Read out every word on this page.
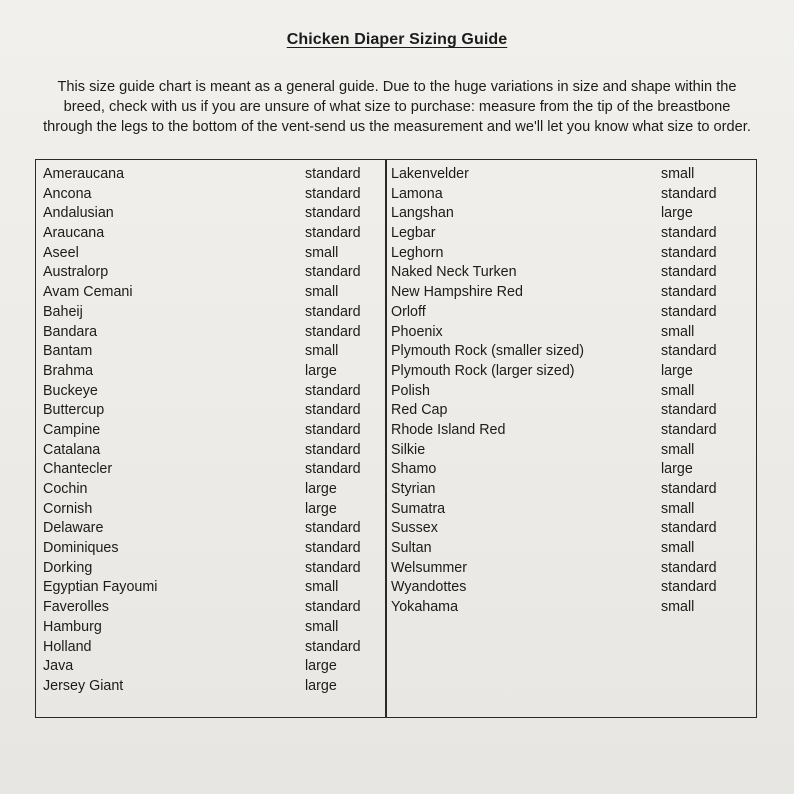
Chicken Diaper Sizing Guide
This size guide chart is meant as a general guide. Due to the huge variations in size and shape within the breed, check with us if you are unsure of what size to purchase: measure from the tip of the breastbone through the legs to the bottom of the vent-send us the measurement and we'll let you know what size to order.
Ameraucana	standard
Ancona	standard
Andalusian	standard
Araucana	standard
Aseel	small
Australorp	standard
Avam Cemani	small
Baheij	standard
Bandara	standard
Bantam	small
Brahma	large
Buckeye	standard
Buttercup	standard
Campine	standard
Catalana	standard
Chantecler	standard
Cochin	large
Cornish	large
Delaware	standard
Dominiques	standard
Dorking	standard
Egyptian Fayoumi	small
Faverolles	standard
Hamburg	small
Holland	standard
Java	large
Jersey Giant	large
Lakenvelder	small
Lamona	standard
Langshan	large
Legbar	standard
Leghorn	standard
Naked Neck Turken	standard
New Hampshire Red	standard
Orloff	standard
Phoenix	small
Plymouth Rock (smaller sized)	standard
Plymouth Rock (larger sized)	large
Polish	small
Red Cap	standard
Rhode Island Red	standard
Silkie	small
Shamo	large
Styrian	standard
Sumatra	small
Sussex	standard
Sultan	small
Welsummer	standard
Wyandottes	standard
Yokahama	small
